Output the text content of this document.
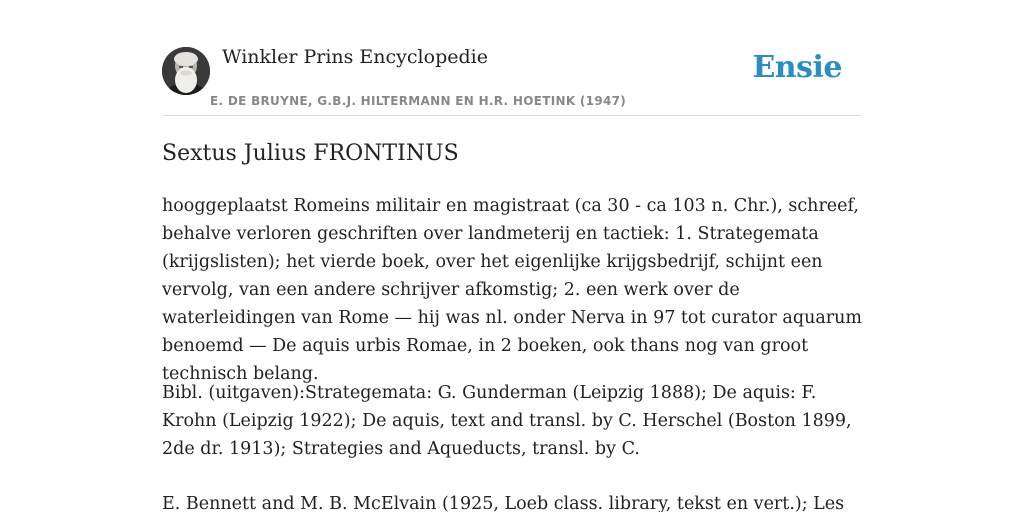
Winkler Prins Encyclopedie
E. DE BRUYNE, G.B.J. HILTERMANN EN H.R. HOETINK (1947)
Ensie
Sextus Julius FRONTINUS

hooggeplaatst Romeins militair en magistraat (ca 30 - ca 103 n. Chr.), schreef, behalve verloren geschriften over landmeterij en tactiek: 1. Strategemata (krijgslisten); het vierde boek, over het eigenlijke krijgsbedrijf, schijnt een vervolg, van een andere schrijver afkomstig; 2. een werk over de waterleidingen van Rome — hij was nl. onder Nerva in 97 tot curator aquarum benoemd — De aquis urbis Romae, in 2 boeken, ook thans nog van groot technisch belang.

Bibl. (uitgaven):Strategemata: G. Gunderman (Leipzig 1888); De aquis: F. Krohn (Leipzig 1922); De aquis, text and transl. by C. Herschel (Boston 1899, 2de dr. 1913); Strategies and Aqueducts, transl. by C.

E. Bennett and M. B. McElvain (1925, Loeb class. library, tekst en vert.); Les
